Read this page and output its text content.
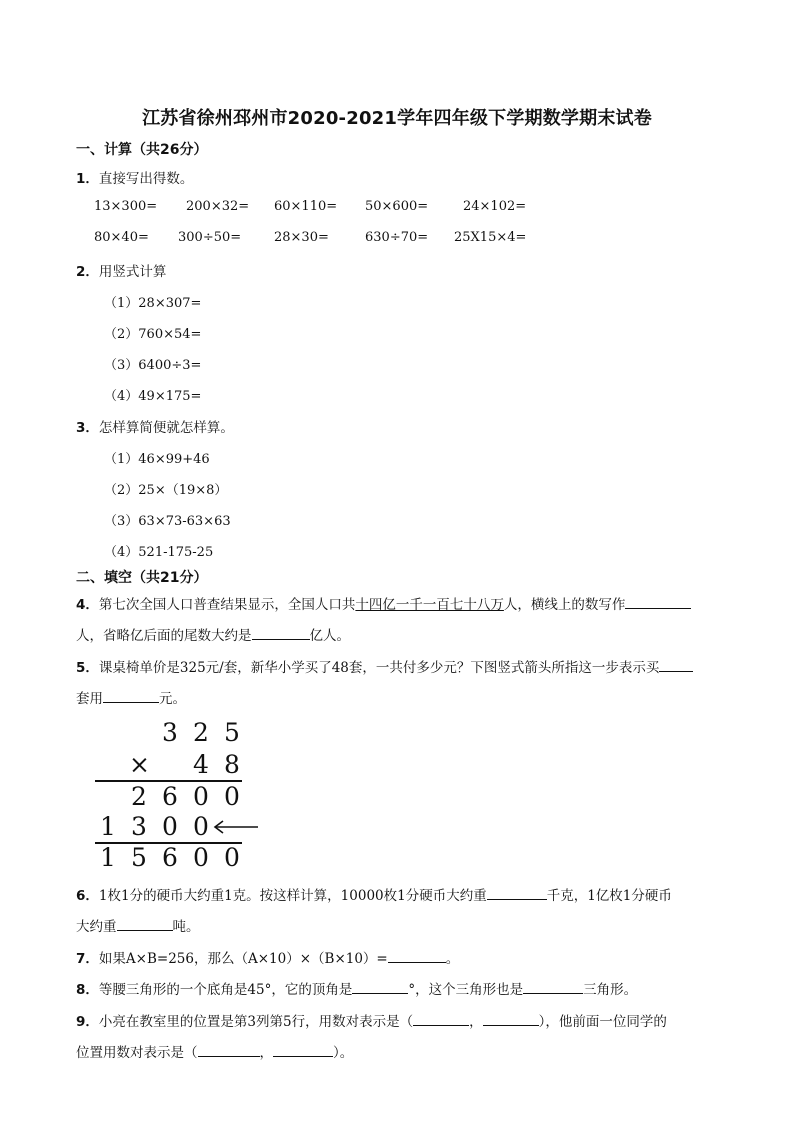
江苏省徐州邳州市2020-2021学年四年级下学期数学期末试卷
一、计算（共26分）
1．直接写出得数。
13×300= 200×32= 60×110= 50×600=	24×102=
80×40= 300÷50=	28×30=	630÷70= 25X15×4=
2．用竖式计算
（1）28×307=
（2）760×54=
（3）6400÷3=
（4）49×175=
3．怎样算简便就怎样算。
（1）46×99+46
（2）25×（19×8）
（3）63×73-63×63
（4）521-175-25
二、填空（共21分）
4．第七次全国人口普查结果显示，全国人口共十四亿一千一百七十八万人，横线上的数写作
人，省略亿后面的尾数大约是	亿人。
5．课桌椅单价是325元/套，新华小学买了48套，一共付多少元？下图竖式箭头所指这一步表示买
套用	元。
3 2 5
×	4 8
2 6 0 0
1 3 0 0
1 5 6 0 0
6．1枚1分的硬币大约重1克。按这样计算，10000枚1分硬币大约重	千克，1亿枚1分硬币
大约重	吨。
7．如果A×B=256，那么（A×10）×（B×10）=	。
8．等腰三角形的一个底角是45°，它的顶角是	°，这个三角形也是	三角形。
9．小亮在教室里的位置是第3列第5行，用数对表示是（	，	），他前面一位同学的
位置用数对表示是（	，	）。
